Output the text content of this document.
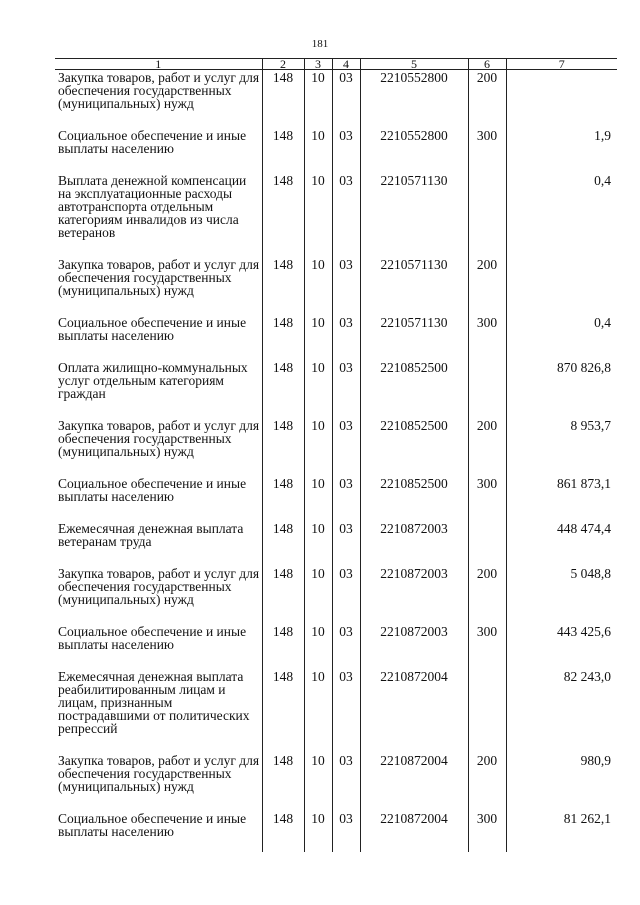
181
1	2	3	4	5	6	7
Закупка товаров, работ и услуг для обеспечения государственных (муниципальных) нужд	148	10	03	2210552800	200	
Социальное обеспечение и иные выплаты населению	148	10	03	2210552800	300	1,9
Выплата денежной компенсации на эксплуатационные расходы автотранспорта отдельным категориям инвалидов из числа ветеранов	148	10	03	2210571130		0,4
Закупка товаров, работ и услуг для обеспечения государственных (муниципальных) нужд	148	10	03	2210571130	200	
Социальное обеспечение и иные выплаты населению	148	10	03	2210571130	300	0,4
Оплата жилищно-коммунальных услуг отдельным категориям граждан	148	10	03	2210852500		870 826,8
Закупка товаров, работ и услуг для обеспечения государственных (муниципальных) нужд	148	10	03	2210852500	200	8 953,7
Социальное обеспечение и иные выплаты населению	148	10	03	2210852500	300	861 873,1
Ежемесячная денежная выплата ветеранам труда	148	10	03	2210872003		448 474,4
Закупка товаров, работ и услуг для обеспечения государственных (муниципальных) нужд	148	10	03	2210872003	200	5 048,8
Социальное обеспечение и иные выплаты населению	148	10	03	2210872003	300	443 425,6
Ежемесячная денежная выплата реабилитированным лицам и лицам, признанным пострадавшими от политических репрессий	148	10	03	2210872004		82 243,0
Закупка товаров, работ и услуг для обеспечения государственных (муниципальных) нужд	148	10	03	2210872004	200	980,9
Социальное обеспечение и иные выплаты населению	148	10	03	2210872004	300	81 262,1
